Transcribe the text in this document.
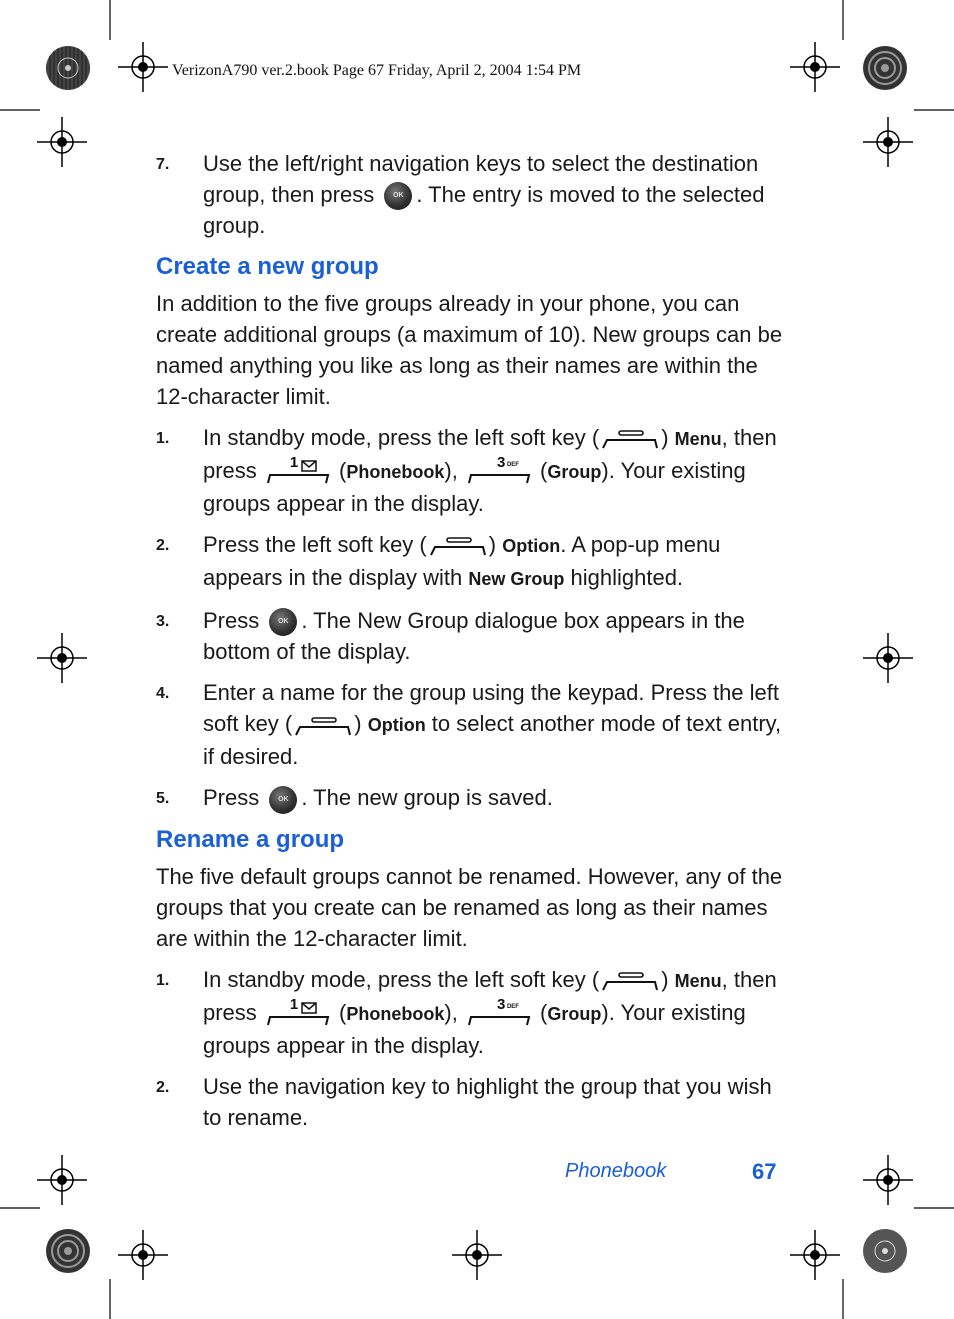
VerizonA790 ver.2.book Page 67 Friday, April 2, 2004 1:54 PM
7. Use the left/right navigation keys to select the destination group, then press OK . The entry is moved to the selected group.
Create a new group
In addition to the five groups already in your phone, you can create additional groups (a maximum of 10). New groups can be named anything you like as long as their names are within the 12-character limit.
1. In standby mode, press the left soft key (	) Menu, then press 1 (Phonebook), 3 DEF (Group). Your existing groups appear in the display.
2. Press the left soft key (	) Option. A pop-up menu appears in the display with New Group highlighted.
3. Press OK . The New Group dialogue box appears in the bottom of the display.
4. Enter a name for the group using the keypad. Press the left soft key (	) Option to select another mode of text entry, if desired.
5. Press OK . The new group is saved.
Rename a group
The five default groups cannot be renamed. However, any of the groups that you create can be renamed as long as their names are within the 12-character limit.
1. In standby mode, press the left soft key (	) Menu, then press 1 (Phonebook), 3 DEF (Group). Your existing groups appear in the display.
2. Use the navigation key to highlight the group that you wish to rename.
Phonebook	67
